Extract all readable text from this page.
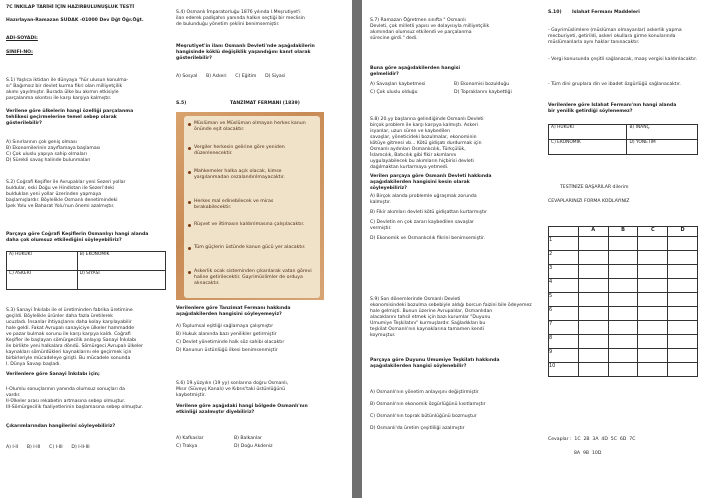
7C İNKILAP TARİHİ İÇİN HAZIRBULUNUŞLUK TESTİ
Hazırlayan-Ramazan SUDAK -01000 Dev Dğt Öğr.Öğt.
ADI-SOYADI:
SINIFI-NO:
S.1) Yaşlıca iktidarı ile dünyaya "hür ulusun konulma-
sı" Bağımsız bir devlet kurma fikri olan milliyetçilik
akımı yayılmıştır. Burada ülke bu akımın etkisiyle
parçalanma sıkıntısı ile karşı karşıya kalmıştır.
Verilene göre ülkelerin hangi özelliği parçalanma
tehlikesi geçirmelerine temel sebep olarak
gösterilebilir?
A) Sınırlarının çok geniş olması
B) Ekonomilerinin zayıflamaya başlaması
C) Çok uluslu yapıya sahip olmaları
D) Sürekli savaş halinde bulunmaları
S.2) Coğrafi Keşifler ile Avrupalılar yeni Sezeri yollar
buldular, eski Doğu ve Hindistan ile Sezeri'deki
bulduklan yeni yollar üzerinden yapmaya
başlamışlardır. Böylelikle Osmanlı denetimindeki
İpek Yolu ve Baharat Yolu'nun önemi azalmıştır.
Parçaya göre Coğrafi Keşiflerin Osmanlıyı hangi alanda
daha çok olumsuz etkilediğini söyleyebiliriz?
A) HUKUKİ	B) EKONOMİK
C) ASKERİ	D) SİYASİ
S.3) Sanayi İnkılabı ile el üretiminden fabrika üretimine
geçildi. Böylelikle ürünler daha fazla üretilerek
ucuzladı. İnsanlar ihtiyaçlarını daha kolay karşılayabilir
hale geldi. Fakat Avrupalı sanayiciye ülkeler hammadde
ve pazar bulmak sorunu ile karşı karşıya kaldı. Coğrafi
Keşifler ile başlayan sömürgecilik anlayışı Sanayi İnkılabı
ile birlikte yeni halkalara döndü. Sömürgeci Avrupalı ülkeler
kaynakları sömürdükleri kaynaklarını ele geçirmek için
birbirleriyle mücadeleye girişti. Bu mücadele sonunda
I. Dünya Savaşı başladı.
Verilenlere göre Sanayi İnkılabı için;
I-Olumlu sonuçlarının yanında olumsuz sonuçları da
vardır.
II-Ülkeler arası rekabetin artmasına sebep olmuştur.
III-Sömürgecilik faaliyetlerinin başlamasına sebep olmuştur.
Çıkarımlarından hangilerini söyleyebiliriz?
A) I-II      B) I-III      C) I-III      D) I-II-III
S.4) Osmanlı İmparatorluğu 1876 yılında I.Meşrutiyet'i
ilan ederek padişahın yanında halkın seçtiği bir meclisin
de bulunduğu yönetim şeklini benimsemiştir.
Meşrutiyet'in ilanı Osmanlı Devleti'nde aşağıdakilerin
hangisinde köklü değişiklik yaşandığını kanıt olarak
gösterilebilir?
A) Sosyal      B) Askeri      C) Eğitim      D) Siyasi
S.5)	TANZİMAT FERMANI (1839)
Müslüman ve Müslüman olmayan herkes kanun önünde eşit olacaktır.
Vergiler herkesin gelirine göre yeniden düzenlenecektir.
Mahkemeler halka açık olacak, kimse yargılanmadan cezalandırılmayacaktır.
Herkes mal edinebilecek ve miras bırakabilecektir.
Rüşvet ve iltimasın kaldırılmasına çalışılacaktır.
Tüm güçlerin üstünde kanun gücü yer alacaktır.
Askerlik ocak sisteminden çıkarılarak vatan görevi haline getirilecektir. Gayrimüslimler de orduya alınacaktır.
Verilenlere göre Tanzimat Fermanı hakkında
aşağıdakilerden hangisini söyleyemeyiz?
A) Toplumsal eşitliği sağlamaya çalışmıştır
B) Hukuk alanında bazı yenilikler getirmiştir
C) Devlet yönetiminde halk söz sahibi olacaktır
D) Kanunun üstünlüğü ilkesi benimsenmiştir
S.6) 19.yüzyılın (19 yy) sonlarına doğru Osmanlı,
Mısır (Süveyş Kanalı) ve Kıbrıs'taki üstünlüğünü
kaybetmiştir.
Verilene göre aşağıdaki hangi bölgede Osmanlı'nın
etkinliği azalmıştır diyebiliriz?
A) Kafkaslar	B) Balkanlar
C) Trakya	D) Doğu Akdeniz
S.7) Ramazan Öğretmen sınıfta " Osmanlı
Devleti, çok milletli yapısı ve dolayısıyla milliyetçilik
akımından olumsuz etkilendi ve parçalanma
sürecine girdi." dedi.
Buna göre aşağıdakilerden hangisi
gelmelidir?
A) Savaşları kaybetmesi	B) Ekonomisi bozulduğu
C) Çok uluslu olduğu	D) Topraklarını kaybettiği
S.8) 20.yy başlarına gelindiğinde Osmanlı Devleti
birçok problem ile karşı karşıya kalmıştı. Askeri
isyanlar, uzun süren ve kaybedilen
savaşlar, yöneticideki bozulmalar, ekonominin
kötüye gitmesi vb... Kötü gidişatı durdurmak için
Osmanlı aydınları Osmanlıcılık, Türkçülük,
İslamcılık, Batıcılık gibi fikir akımlarını
uygulayabilecek bu akımların hiçbirisi devleti
dağılmaktan kurtarmaya yetmedi.
Verilen parçaya göre Osmanlı Devleti hakkında
aşağıdakilerden hangisini kesin olarak
söyleyebiliriz?
A) Birçok alanda problemle uğraşmak zorunda
kalmıştır.
B) Fikir akımları devleti kötü gidişattan kurtarmıştır
C) Devletin en çok zararı kaybedilen savaşlar
vermiştir.
D) Ekonomik ve Osmanlıcılık fikrini benimsemiştir.
S.9) Son dönemlerinde Osmanlı Devleti
ekonomisindeki bozulma sebebiyle aldığı borcun faizini bile ödeyemez
hale gelmişti. Bunun üzerine Avrupalılar, Osmanlıdan
alacaklarını tahsil etmek için bazı kurumlar "Duyunu
Umumiye Teşkilatını" kurmuşlardır. Sağladıkları bu
teşkilat Osmanlı'nın kaynaklarına tamamen kendi
koymuştur.
Parçaya göre Duyunu Umumiye Teşkilatı hakkında
aşağıdakilerden hangisi söylenebilir?
A) Osmanlı'nın yönetim anlayışını değiştirmiştir
B) Osmanlı'nın ekonomik özgürlüğünü kısıtlamıştır
C) Osmanlı'nın toprak bütünlüğünü bozmuştur
D) Osmanlı'da üretim çeşitliliği azalmıştır
S.10) Islahat Fermanı Maddeleri
- Gayrimüslimlere (müslüman olmayanlar) askerlik yapma mecburiyeti, getirildi, askeri okullara girme konularında müslümanlarla aynı haklar tanınacaktır.
- Vergi konusunda çeşitli sağlanacak, maaş vergisi kaldırılacaktır.
- Tüm dini gruplara din ve ibadet özgürlüğü sağlanacaktır.
Verilenlere göre Islahat Fermanı'nın hangi alanda
bir yenilik getirdiği söylenemez?
A) HUKUKİ	B) İNANÇ
C) EKONOMİK	D) YÖNETİM
TESTİNİZE BAŞARILAR dilerim
CEVAPLARINIZI FORMA KODLAYINIZ
	A	B	C	D
1				
2				
3				
4				
5				
6				
7				
8				
9				
10				
Cevaplar :  1C  2B  3A  4D  5C  6D  7C
8A  9B  10D
